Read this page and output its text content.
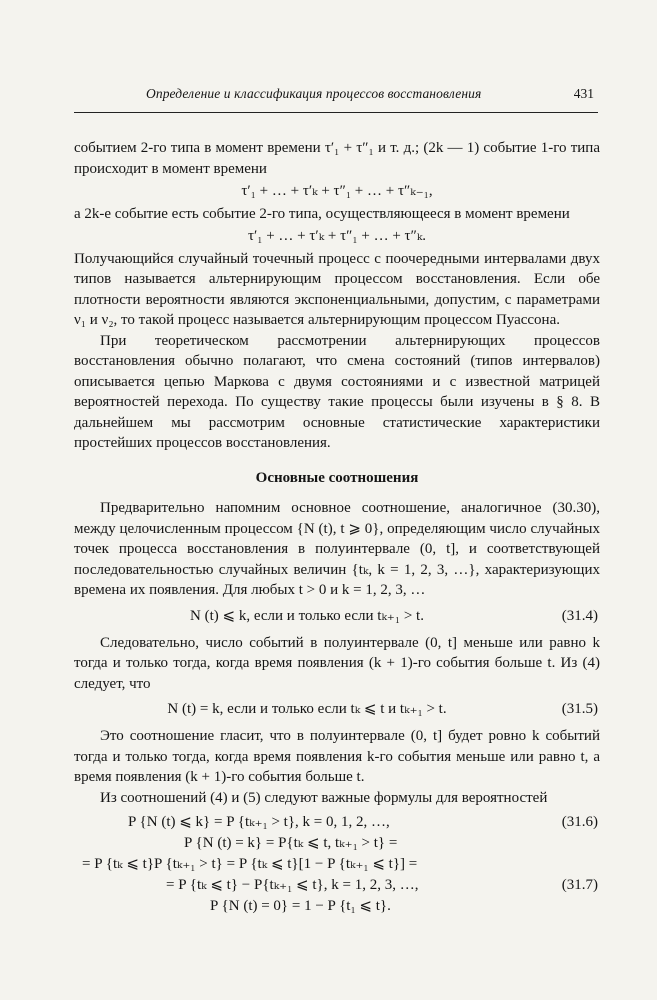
Определение и классификация процессов восстановления	431

событием 2-го типа в момент времени τ′₁ + τ″₁ и т. д.; (2k — 1) событие 1-го типа происходит в момент времени

τ′₁ + … + τ′ₖ + τ″₁ + … + τ″ₖ₋₁,

а 2k-е событие есть событие 2-го типа, осуществляющееся в момент времени

τ′₁ + … + τ′ₖ + τ″₁ + … + τ″ₖ.

Получающийся случайный точечный процесс с поочередными интервалами двух типов называется альтернирующим процессом восстановления. Если обе плотности вероятности являются экспоненциальными, допустим, с параметрами ν₁ и ν₂, то такой процесс называется альтернирующим процессом Пуассона.

При теоретическом рассмотрении альтернирующих процессов восстановления обычно полагают, что смена состояний (типов интервалов) описывается цепью Маркова с двумя состояниями и с известной матрицей вероятностей перехода. По существу такие процессы были изучены в § 8. В дальнейшем мы рассмотрим основные статистические характеристики простейших процессов восстановления.

Основные соотношения

Предварительно напомним основное соотношение, аналогичное (30.30), между целочисленным процессом {N (t), t ⩾ 0}, определяющим число случайных точек процесса восстановления в полуинтервале (0, t], и соответствующей последовательностью случайных величин {tₖ, k = 1, 2, 3, …}, характеризующих времена их появления. Для любых t > 0 и k = 1, 2, 3, …

N (t) ⩽ k, если и только если tₖ₊₁ > t.	(31.4)

Следовательно, число событий в полуинтервале (0, t] меньше или равно k тогда и только тогда, когда время появления (k + 1)-го события больше t. Из (4) следует, что

N (t) = k, если и только если tₖ ⩽ t и tₖ₊₁ > t.	(31.5)

Это соотношение гласит, что в полуинтервале (0, t] будет ровно k событий тогда и только тогда, когда время появления k-го события меньше или равно t, а время появления (k + 1)-го события больше t.

Из соотношений (4) и (5) следуют важные формулы для вероятностей

P {N (t) ⩽ k} = P {tₖ₊₁ > t}, k = 0, 1, 2, …,	(31.6)
P {N (t) = k} = P{tₖ ⩽ t, tₖ₊₁ > t} =
= P {tₖ ⩽ t}P {tₖ₊₁ > t} = P {tₖ ⩽ t}[1 − P {tₖ₊₁ ⩽ t}] =
= P {tₖ ⩽ t} − P{tₖ₊₁ ⩽ t}, k = 1, 2, 3, …,	(31.7)
P {N (t) = 0} = 1 − P {t₁ ⩽ t}.
